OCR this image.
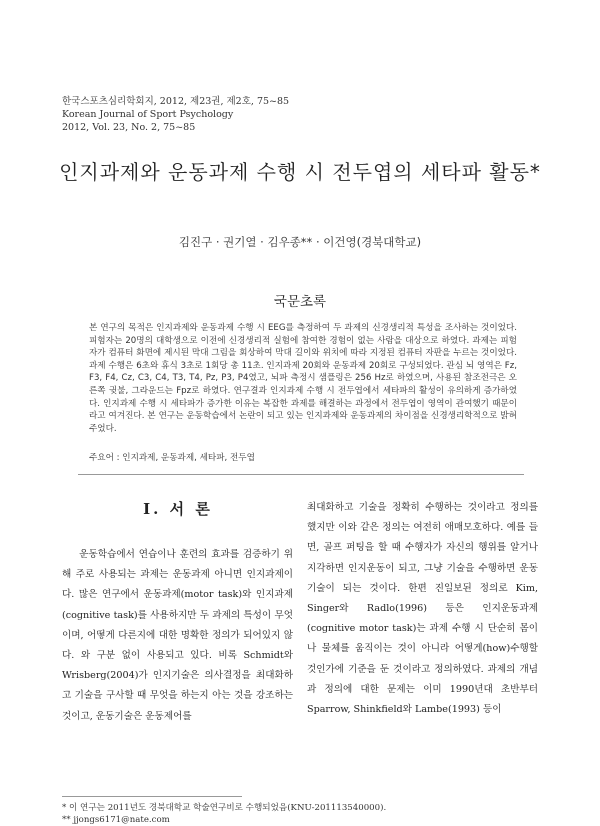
한국스포츠심리학회지, 2012, 제23권, 제2호, 75~85
Korean Journal of Sport Psychology
2012, Vol. 23, No. 2, 75~85
인지과제와 운동과제 수행 시 전두엽의 세타파 활동*
김진구 · 권기열 · 김우종** · 이건영(경북대학교)
국문초록
본 연구의 목적은 인지과제와 운동과제 수행 시 EEG를 측정하여 두 과제의 신경생리적 특성을 조사하는 것이었다. 피험자는 20명의 대학생으로 이전에 신경생리적 실험에 참여한 경험이 없는 사람을 대상으로 하였다. 과제는 피험자가 컴퓨터 화면에 제시된 막대 그림을 회상하여 막대 길이와 위치에 따라 지정된 컴퓨터 자판을 누르는 것이었다. 과제 수행은 6초와 휴식 3초로 1회당 총 11초. 인지과제 20회와 운동과제 20회로 구성되었다. 관심 뇌 영역은 Fz, F3, F4, Cz, C3, C4, T3, T4, Pz, P3, P4였고, 뇌파 측정시 샘플링은 256 Hz로 하였으며, 사용된 참조전극은 오른쪽 귓불, 그라운드는 Fpz로 하였다. 연구결과 인지과제 수행 시 전두엽에서 세타파의 활성이 유의하게 증가하였다. 인지과제 수행 시 세타파가 증가한 이유는 복잡한 과제를 해결하는 과정에서 전두엽이 영역이 관여했기 때문이라고 여겨진다. 본 연구는 운동학습에서 논란이 되고 있는 인지과제와 운동과제의 차이점을 신경생리학적으로 밝혀주었다.
주요어 : 인지과제, 운동과제, 세타파, 전두엽
I. 서 론
운동학습에서 연습이나 훈련의 효과를 검증하기 위해 주로 사용되는 과제는 운동과제 아니면 인지과제이다. 많은 연구에서 운동과제(motor task)와 인지과제(cognitive task)를 사용하지만 두 과제의 특성이 무엇이며, 어떻게 다른지에 대한 명확한 정의가 되어있지 않다. 와 구분 없이 사용되고 있다. 비록 Schmidt와 Wrisberg(2004)가 인지기술은 의사결정을 최대화하고 기술을 구사할 때 무엇을 하는지 아는 것을 강조하는 것이고, 운동기술은 운동제어를
최대화하고 기술을 정확히 수행하는 것이라고 정의를 했지만 이와 같은 정의는 여전히 애매모호하다. 예를 들면, 골프 퍼팅을 할 때 수행자가 자신의 행위를 알거나 지각하면 인지운동이 되고, 그냥 기술을 수행하면 운동기술이 되는 것이다. 한편 진일보된 정의로 Kim, Singer와 Radlo(1996) 등은 인지운동과제(cognitive motor task)는 과제 수행 시 단순히 몸이나 물체를 움직이는 것이 아니라 어떻게(how)수행할 것인가에 기준을 둔 것이라고 정의하였다. 과제의 개념과 정의에 대한 문제는 이미 1990년대 초반부터 Sparrow, Shinkfield와 Lambe(1993) 등이
* 이 연구는 2011년도 경북대학교 학술연구비로 수행되었음(KNU-201113540000).
** jjongs6171@nate.com
